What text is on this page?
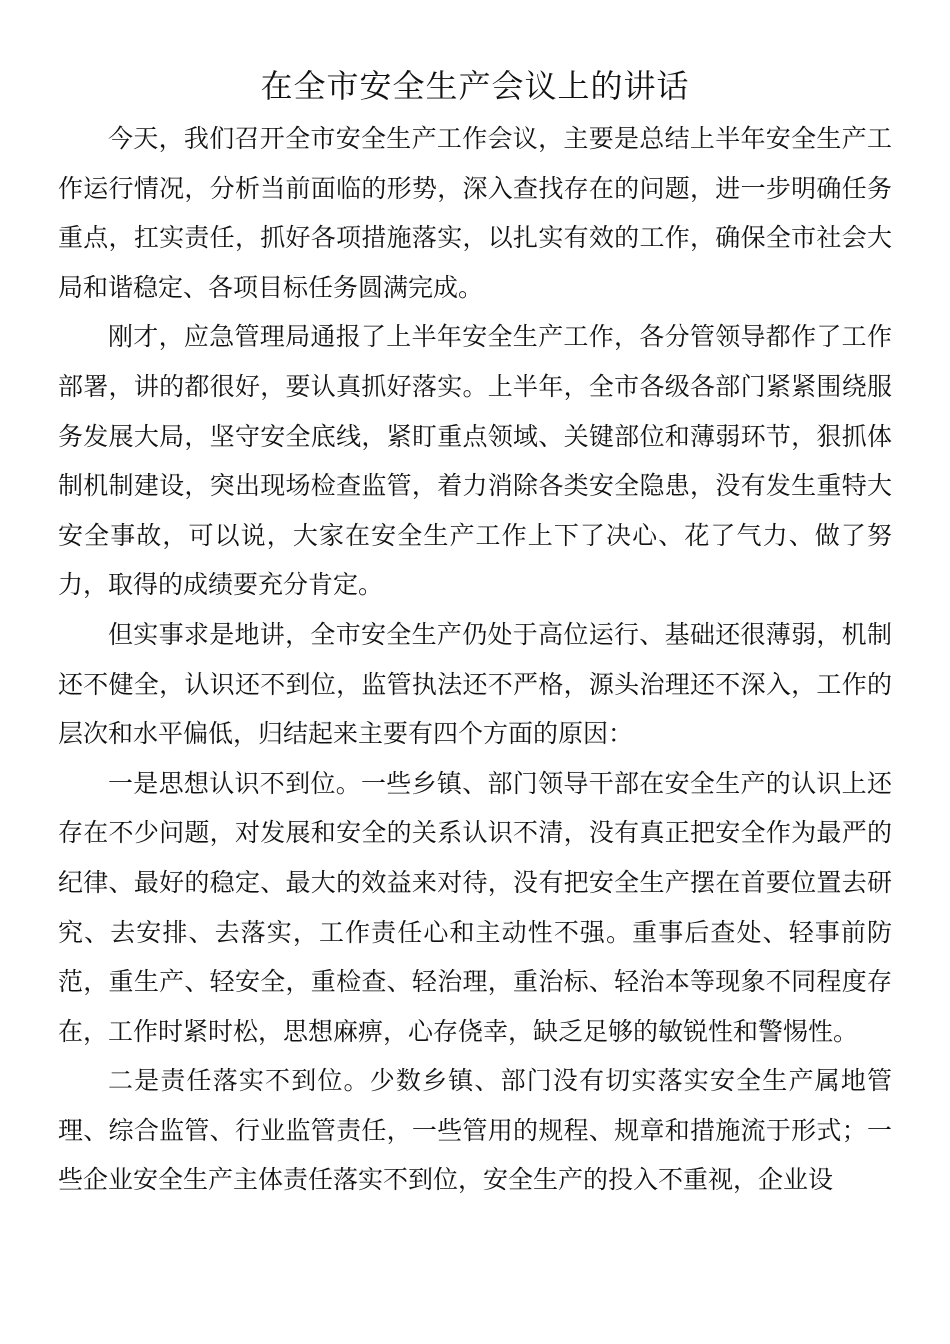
在全市安全生产会议上的讲话

今天，我们召开全市安全生产工作会议，主要是总结上半年安全生产工作运行情况，分析当前面临的形势，深入查找存在的问题，进一步明确任务重点，扛实责任，抓好各项措施落实，以扎实有效的工作，确保全市社会大局和谐稳定、各项目标任务圆满完成。

刚才，应急管理局通报了上半年安全生产工作，各分管领导都作了工作部署，讲的都很好，要认真抓好落实。上半年，全市各级各部门紧紧围绕服务发展大局，坚守安全底线，紧盯重点领域、关键部位和薄弱环节，狠抓体制机制建设，突出现场检查监管，着力消除各类安全隐患，没有发生重特大安全事故，可以说，大家在安全生产工作上下了决心、花了气力、做了努力，取得的成绩要充分肯定。

但实事求是地讲，全市安全生产仍处于高位运行、基础还很薄弱，机制还不健全，认识还不到位，监管执法还不严格，源头治理还不深入，工作的层次和水平偏低，归结起来主要有四个方面的原因：

一是思想认识不到位。一些乡镇、部门领导干部在安全生产的认识上还存在不少问题，对发展和安全的关系认识不清，没有真正把安全作为最严的纪律、最好的稳定、最大的效益来对待，没有把安全生产摆在首要位置去研究、去安排、去落实，工作责任心和主动性不强。重事后查处、轻事前防范，重生产、轻安全，重检查、轻治理，重治标、轻治本等现象不同程度存在，工作时紧时松，思想麻痹，心存侥幸，缺乏足够的敏锐性和警惕性。

二是责任落实不到位。少数乡镇、部门没有切实落实安全生产属地管理、综合监管、行业监管责任，一些管用的规程、规章和措施流于形式；一些企业安全生产主体责任落实不到位，安全生产的投入不重视，企业设
